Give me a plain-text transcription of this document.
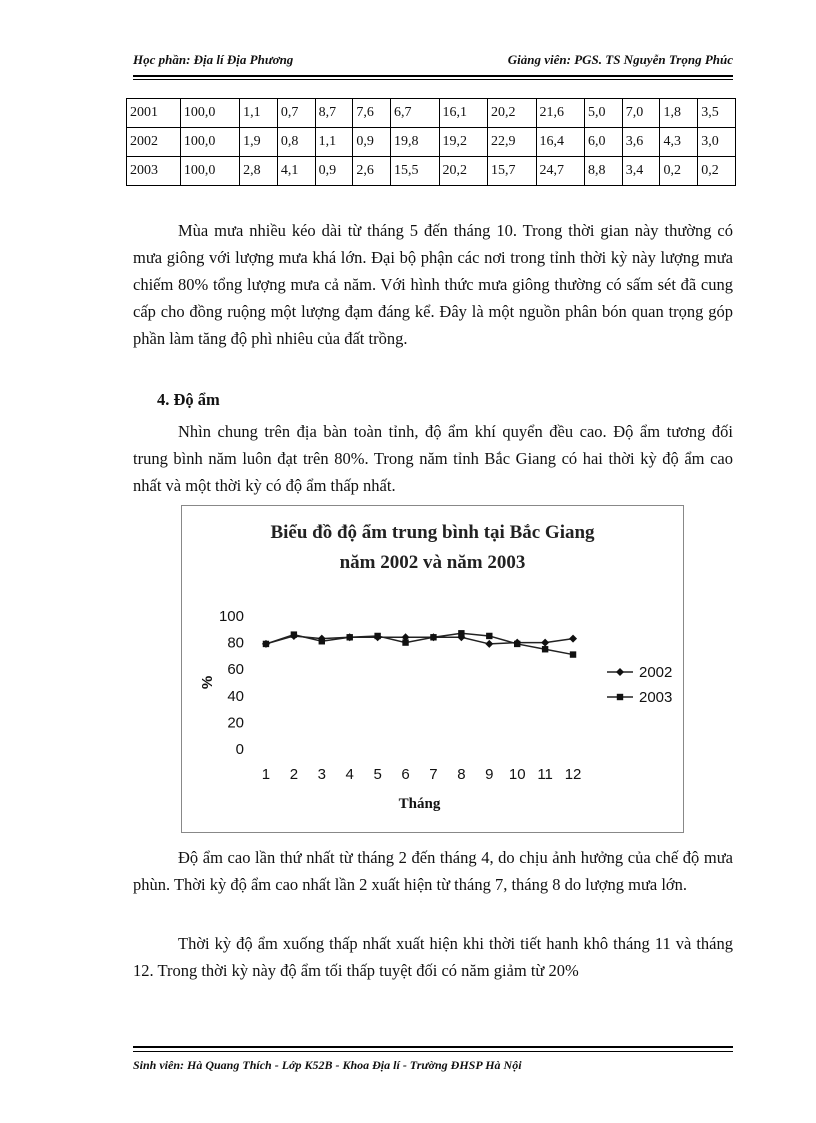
Học phần: Địa lí Địa Phương	Giảng viên: PGS. TS Nguyễn Trọng Phúc
2001	100,0	1,1	0,7	8,7	7,6	6,7	16,1	20,2	21,6	5,0	7,0	1,8	3,5
2002	100,0	1,9	0,8	1,1	0,9	19,8	19,2	22,9	16,4	6,0	3,6	4,3	3,0
2003	100,0	2,8	4,1	0,9	2,6	15,5	20,2	15,7	24,7	8,8	3,4	0,2	0,2

Mùa mưa nhiều kéo dài từ tháng 5 đến tháng 10. Trong thời gian này thường có mưa giông với lượng mưa khá lớn. Đại bộ phận các nơi trong tỉnh thời kỳ này lượng mưa chiếm 80% tổng lượng mưa cả năm. Với hình thức mưa giông thường có sấm sét đã cung cấp cho đồng ruộng một lượng đạm đáng kể. Đây là một nguồn phân bón quan trọng góp phần làm tăng độ phì nhiêu của đất trồng.

4. Độ ẩm

Nhìn chung trên địa bàn toàn tỉnh, độ ẩm khí quyển đều cao. Độ ẩm tương đối trung bình năm luôn đạt trên 80%. Trong năm tỉnh Bắc Giang có hai thời kỳ độ ẩm cao nhất và một thời kỳ có độ ẩm thấp nhất.

Biểu đồ độ ẩm trung bình tại Bắc Giang
năm 2002 và năm 2003
0
20
40
60
80
100
%
1 2 3 4 5 6 7 8 9 10 11 12
Tháng
2002
2003

Độ ẩm cao lần thứ nhất từ tháng 2 đến tháng 4, do chịu ảnh hưởng của chế độ mưa phùn. Thời kỳ độ ẩm cao nhất lần 2 xuất hiện từ tháng 7, tháng 8 do lượng mưa lớn.

Thời kỳ độ ẩm xuống thấp nhất xuất hiện khi thời tiết hanh khô tháng 11 và tháng 12. Trong thời kỳ này độ ẩm tối thấp tuyệt đối có năm giảm từ 20%

Sinh viên: Hà Quang Thích - Lớp K52B - Khoa Địa lí - Trường ĐHSP Hà Nội
